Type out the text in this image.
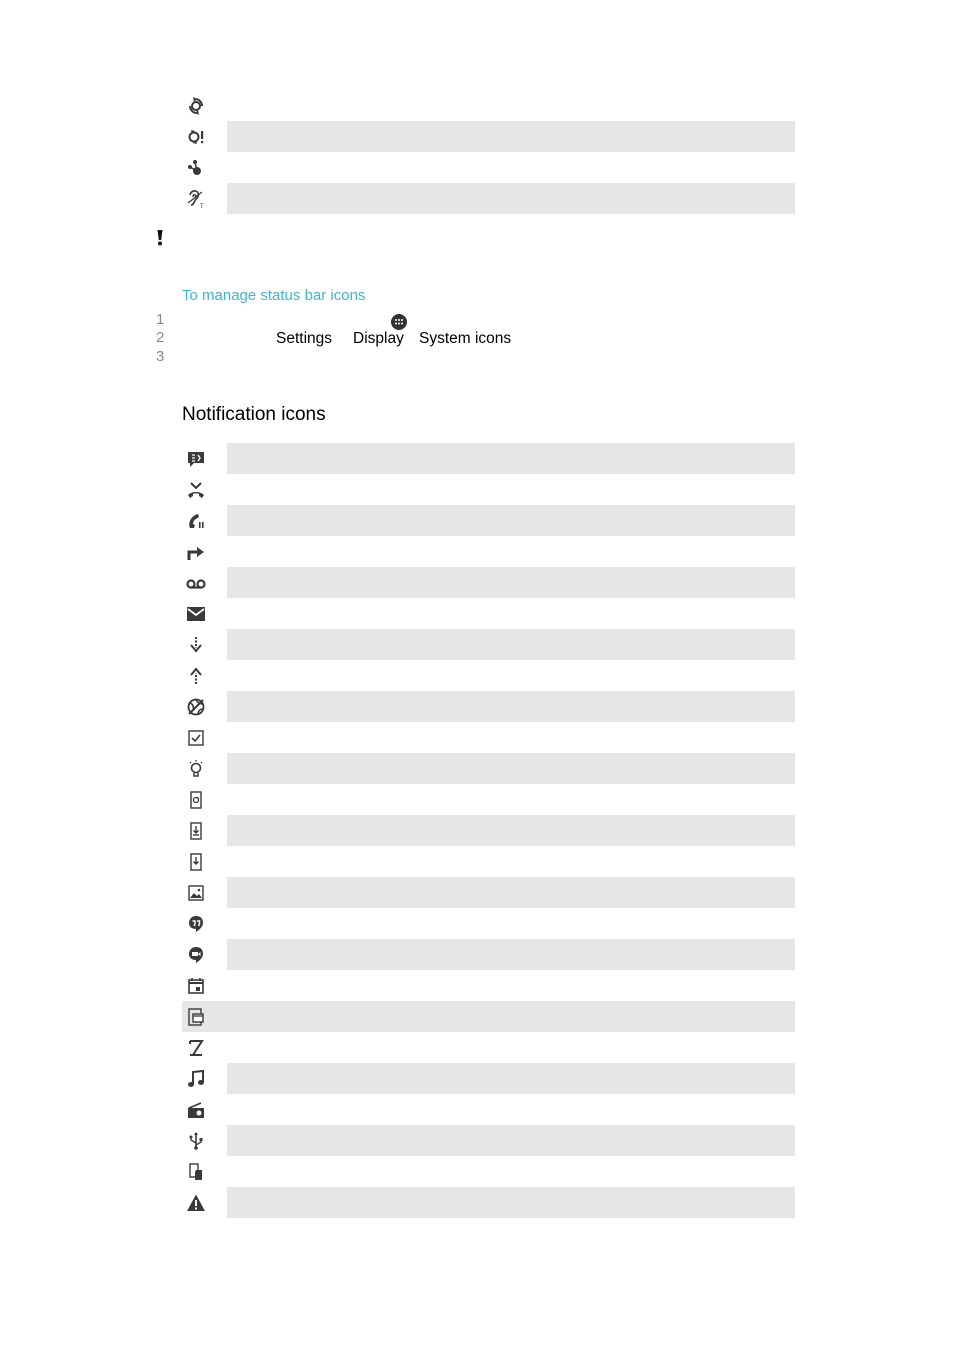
T
To manage status bar icons
1
2
3
Settings Display System icons
Notification icons
